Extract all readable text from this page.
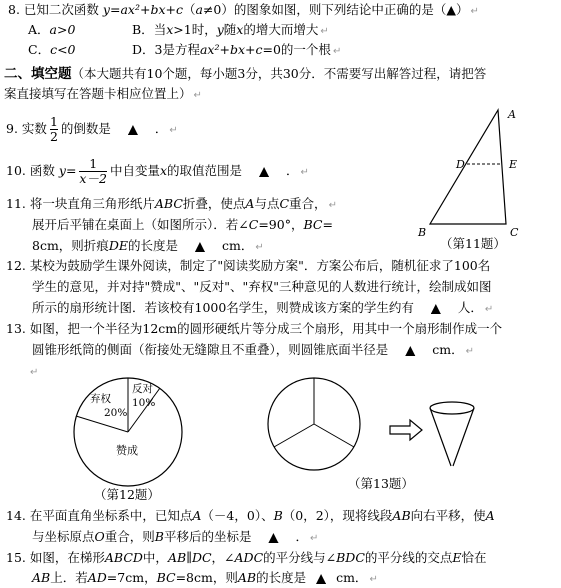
8. 已知二次函数 y=ax²+bx+c（a≠0）的图象如图，则下列结论中正确的是（▲） ↵
A．a>0	B．当x>1时，y随x的增大而增大 ↵
C．c<0	D．3是方程ax²+bx+c=0的一个根 ↵
二、填空题（本大题共有10个题，每小题3分，共30分．不需要写出解答过程，请把答
案直接填写在答题卡相应位置上） ↵
9. 实数 $\frac{1}{2}$ 的倒数是 ▲ ． ↵
10. 函数 $y= \frac{1}{x-2}$ 中自变量x的取值范围是 ▲ ． ↵
11. 将一块直角三角形纸片ABC折叠，使点A与点C重合， ↵
展开后平铺在桌面上（如图所示）．若∠C=90°，BC=
8cm，则折痕DE的长度是 ▲ cm． ↵
A
B	C
D	E
（第11题）
12. 某校为鼓励学生课外阅读，制定了"阅读奖励方案"．方案公布后，随机征求了100名
学生的意见，并对持"赞成"、"反对"、"弃权"三种意见的人数进行统计，绘制成如图
所示的扇形统计图．若该校有1000名学生，则赞成该方案的学生约有 ▲ 人． ↵
13. 如图，把一个半径为12cm的圆形硬纸片等分成三个扇形，用其中一个扇形制作成一个
圆锥形纸筒的侧面（衔接处无缝隙且不重叠），则圆锥底面半径是 ▲ cm． ↵
↵
弃权
20%
反对
10%
赞成
（第12题）
（第13题）
14. 在平面直角坐标系中，已知点A（－4，0）、B（0，2），现将线段AB向右平移，使A
与坐标原点O重合，则B平移后的坐标是 ▲ ． ↵
15. 如图，在梯形ABCD中，AB∥DC，∠ADC的平分线与∠BDC的平分线的交点E恰在
AB上．若AD=7cm，BC=8cm，则AB的长度是 ▲ cm． ↵
